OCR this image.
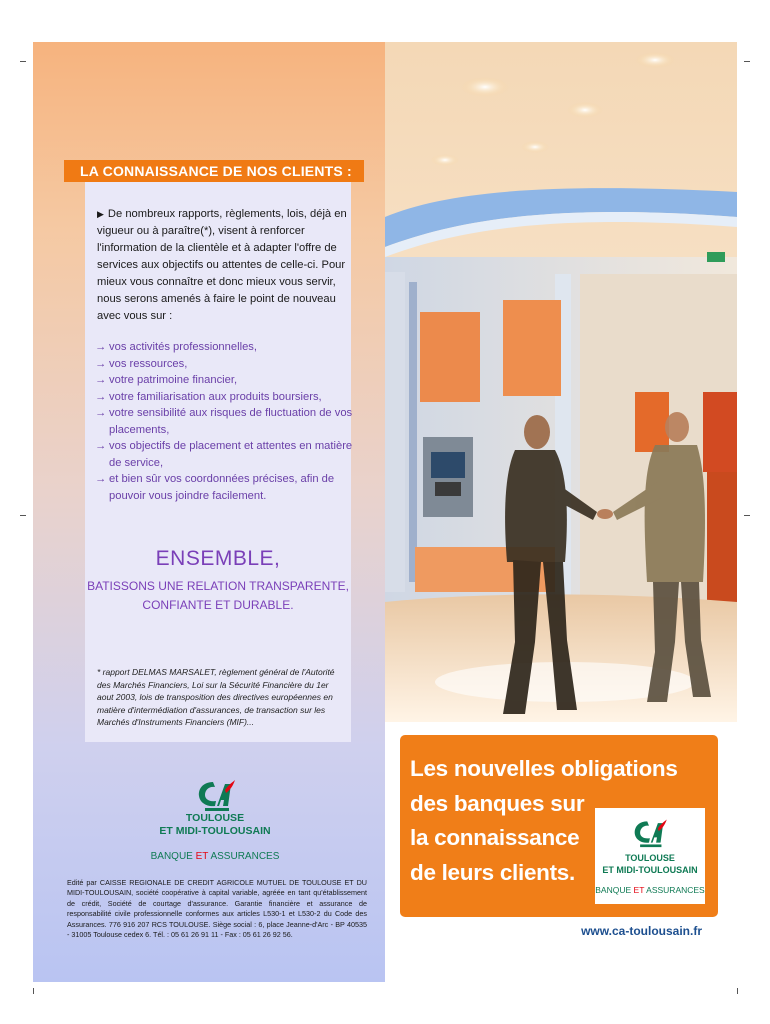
LA CONNAISSANCE DE NOS CLIENTS :
▶ De nombreux rapports, règlements, lois, déjà en vigueur ou à paraître(*), visent à renforcer l'information de la clientèle et à adapter l'offre de services aux objectifs ou attentes de celle-ci. Pour mieux vous connaître et donc mieux vous servir, nous serons amenés à faire le point de nouveau avec vous sur :
→ vos activités professionnelles,
→ vos ressources,
→ votre patrimoine financier,
→ votre familiarisation aux produits boursiers,
→ votre sensibilité aux risques de fluctuation de vos placements,
→ vos objectifs de placement et attentes en matière de service,
→ et bien sûr vos coordonnées précises, afin de pouvoir vous joindre facilement.
ENSEMBLE,
BATISSONS UNE RELATION TRANSPARENTE,
CONFIANTE ET DURABLE.
* rapport DELMAS MARSALET, règlement général de l'Autorité des Marchés Financiers, Loi sur la Sécurité Financière du 1er aout 2003, lois de transposition des directives européennes en matière d'intermédiation d'assurances, de transaction sur les Marchés d'Instruments Financiers (MIF)...
TOULOUSE
ET MIDI-TOULOUSAIN
BANQUE ET ASSURANCES
Edité par CAISSE REGIONALE DE CREDIT AGRICOLE MUTUEL DE TOULOUSE ET DU MIDI-TOULOUSAIN, société coopérative à capital variable, agréée en tant qu'établissement de crédit, Société de courtage d'assurance. Garantie financière et assurance de responsabilité civile professionnelle conformes aux articles L530-1 et L530-2 du Code des Assurances. 776 916 207 RCS TOULOUSE. Siège social : 6, place Jeanne-d'Arc - BP 40535 - 31005 Toulouse cedex 6. Tél. : 05 61 26 91 11 - Fax : 05 61 26 92 56.
Les nouvelles obligations
des banques sur
la connaissance
de leurs clients.
TOULOUSE
ET MIDI-TOULOUSAIN
BANQUE ET ASSURANCES
www.ca-toulousain.fr
